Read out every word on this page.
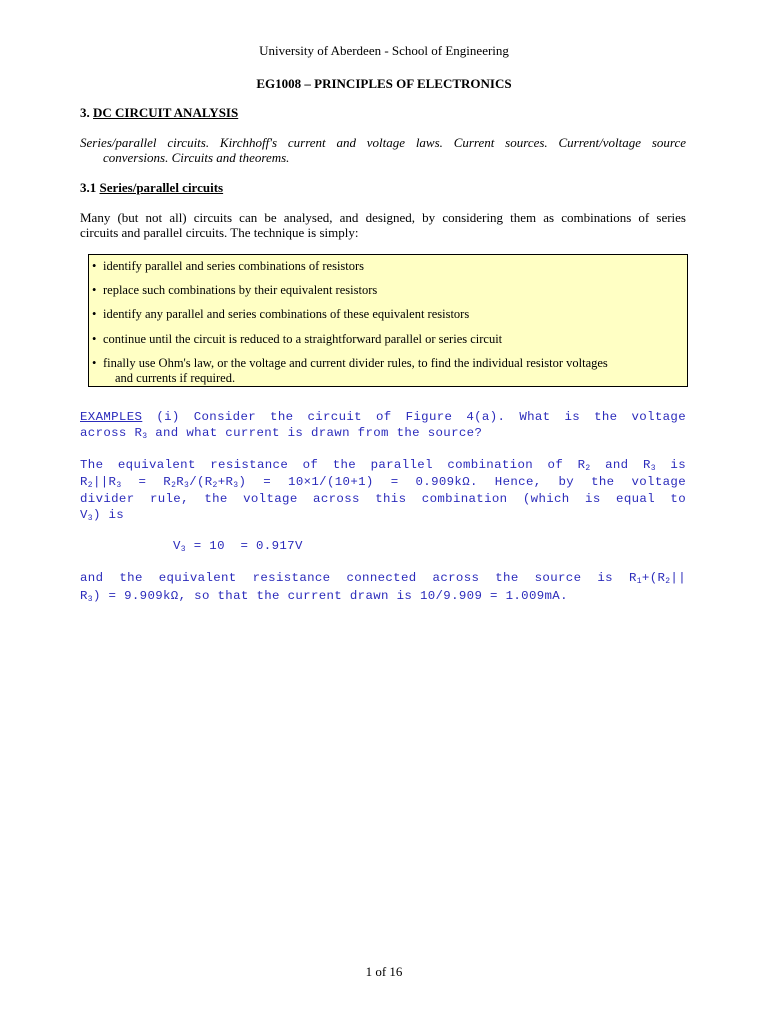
University of Aberdeen - School of Engineering
EG1008 – PRINCIPLES OF ELECTRONICS
3. DC CIRCUIT ANALYSIS
Series/parallel circuits. Kirchhoff's current and voltage laws. Current sources. Current/voltage source
conversions. Circuits and theorems.
3.1 Series/parallel circuits
Many (but not all) circuits can be analysed, and designed, by considering them as combinations of series
circuits and parallel circuits. The technique is simply:
• identify parallel and series combinations of resistors
• replace such combinations by their equivalent resistors
• identify any parallel and series combinations of these equivalent resistors
• continue until the circuit is reduced to a straightforward parallel or series circuit
• finally use Ohm's law, or the voltage and current divider rules, to find the individual resistor voltages
and currents if required.
EXAMPLES (i) Consider the circuit of Figure 4(a). What is the voltage
across $R_3$ and what current is drawn from the source?
The equivalent resistance of the parallel combination of $R_2$ and $R_3$ is
$R_2||R_3 = R_2R_3/(R_2+R_3) = 10\times 1/(10+1) = 0.909k\Omega$. Hence, by the voltage
divider rule, the voltage across this combination (which is equal to
$V_3$) is
$V_3 = 10 = 0.917V$
and the equivalent resistance connected across the source is $R_1+(R_2||$
$R_3) = 9.909k\Omega$, so that the current drawn is 10/9.909 = 1.009mA.
1 of 16
